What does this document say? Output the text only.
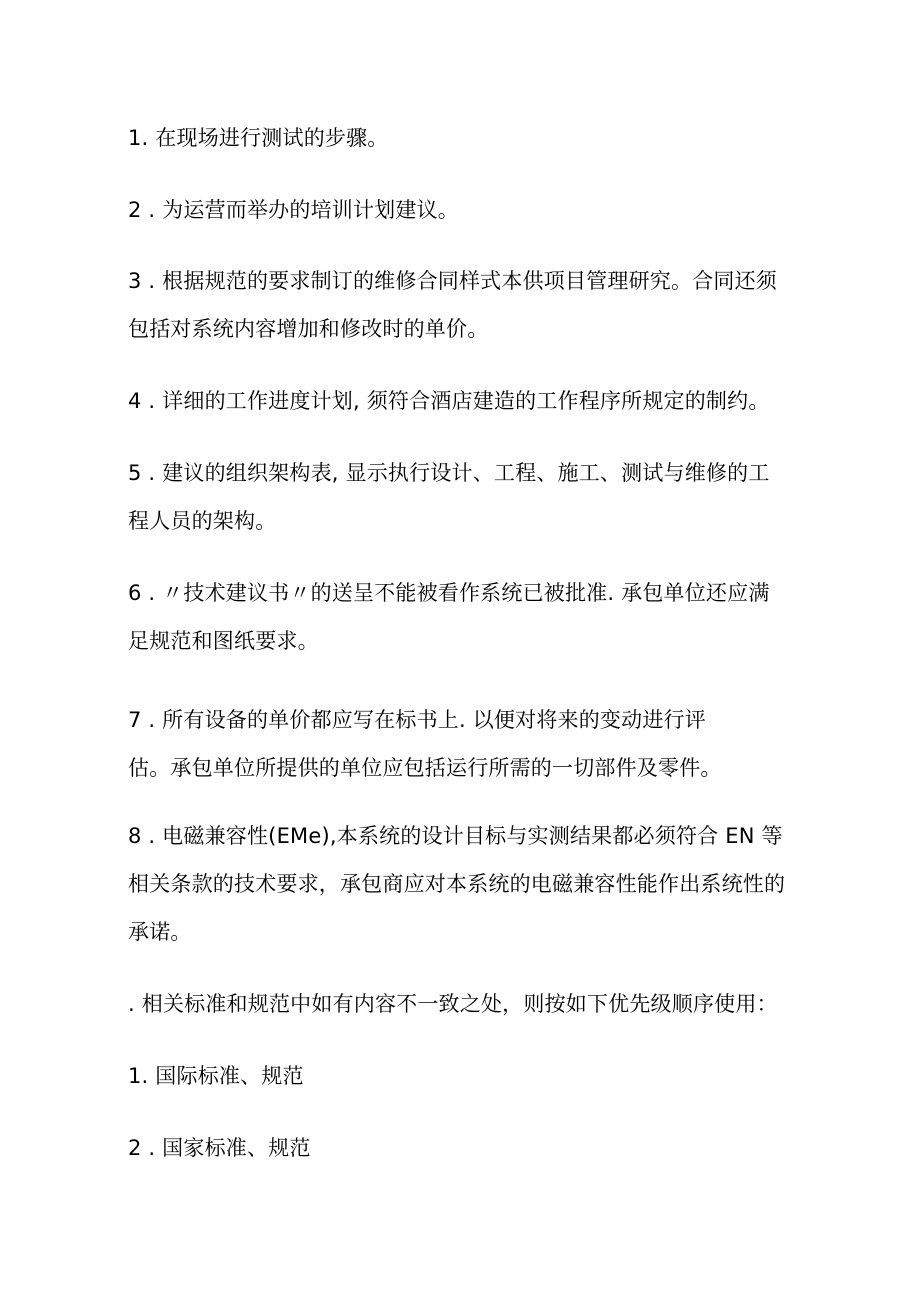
1. 在现场进行测试的步骤。
2 . 为运营而举办的培训计划建议。
3 . 根据规范的要求制订的维修合同样式本供项目管理研究。合同还须
包括对系统内容增加和修改时的单价。
4 . 详细的工作进度计划, 须符合酒店建造的工作程序所规定的制约。
5 . 建议的组织架构表, 显示执行设计、工程、施工、测试与维修的工
程人员的架构。
6 . 〃技术建议书〃的送呈不能被看作系统已被批准. 承包单位还应满
足规范和图纸要求。
7 . 所有设备的单价都应写在标书上. 以便对将来的变动进行评
估。承包单位所提供的单位应包括运行所需的一切部件及零件。
8 . 电磁兼容性(EMe),本系统的设计目标与实测结果都必须符合 EN 等
相关条款的技术要求，承包商应对本系统的电磁兼容性能作出系统性的
承诺。
. 相关标准和规范中如有内容不一致之处，则按如下优先级顺序使用：
1. 国际标准、规范
2 . 国家标准、规范
